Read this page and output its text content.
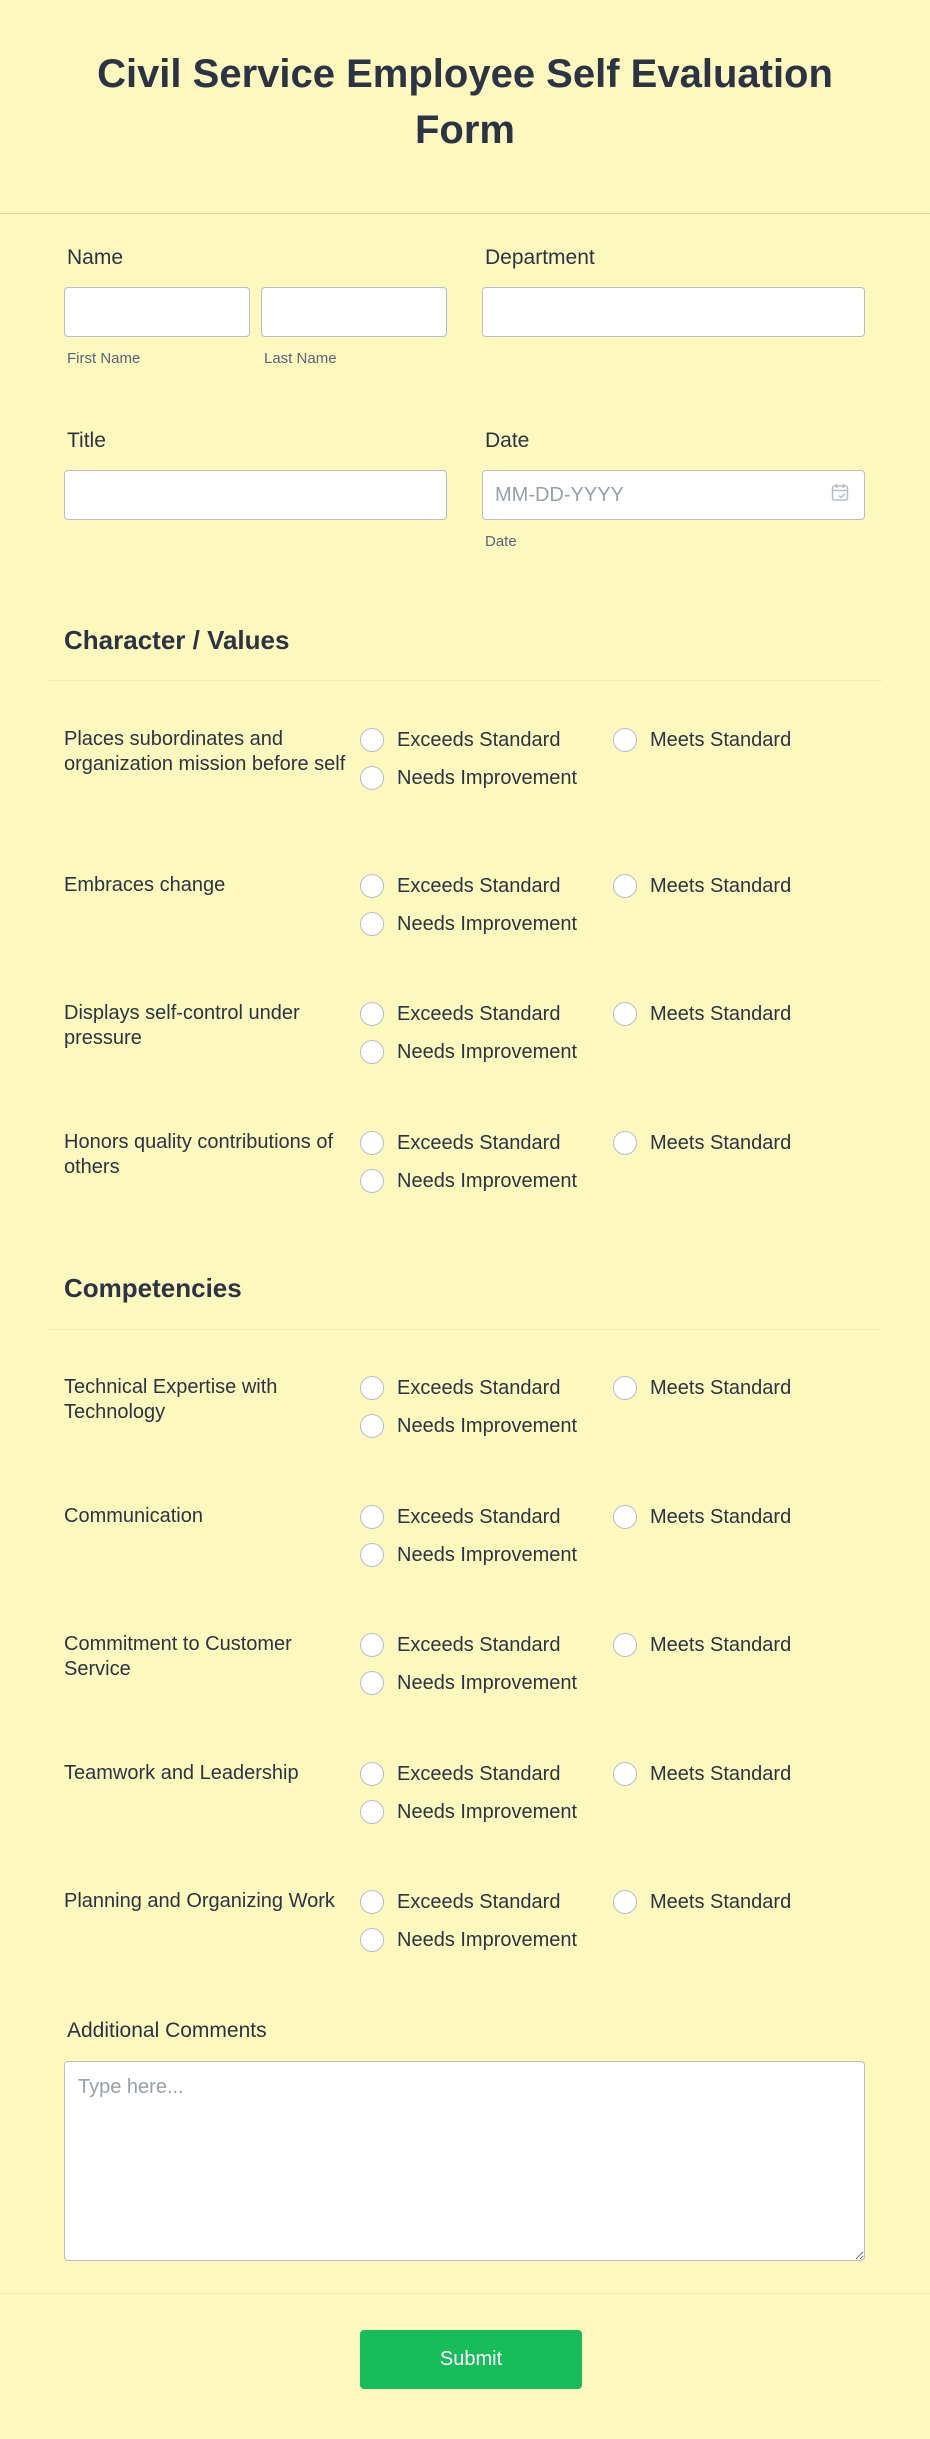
Civil Service Employee Self Evaluation Form
Name
First Name	Last Name
Department
Title	Date
MM-DD-YYYY
Date
Character / Values
Places subordinates and organization mission before self
Exceeds Standard	Meets Standard
Needs Improvement
Embraces change	Exceeds Standard	Meets Standard
Needs Improvement
Displays self-control under pressure
Exceeds Standard	Meets Standard
Needs Improvement
Honors quality contributions of others
Exceeds Standard	Meets Standard
Needs Improvement
Competencies
Technical Expertise with Technology
Exceeds Standard	Meets Standard
Needs Improvement
Communication	Exceeds Standard	Meets Standard
Needs Improvement
Commitment to Customer Service
Exceeds Standard	Meets Standard
Needs Improvement
Teamwork and Leadership	Exceeds Standard	Meets Standard
Needs Improvement
Planning and Organizing Work	Exceeds Standard	Meets Standard
Needs Improvement
Additional Comments
Type here...
Submit
